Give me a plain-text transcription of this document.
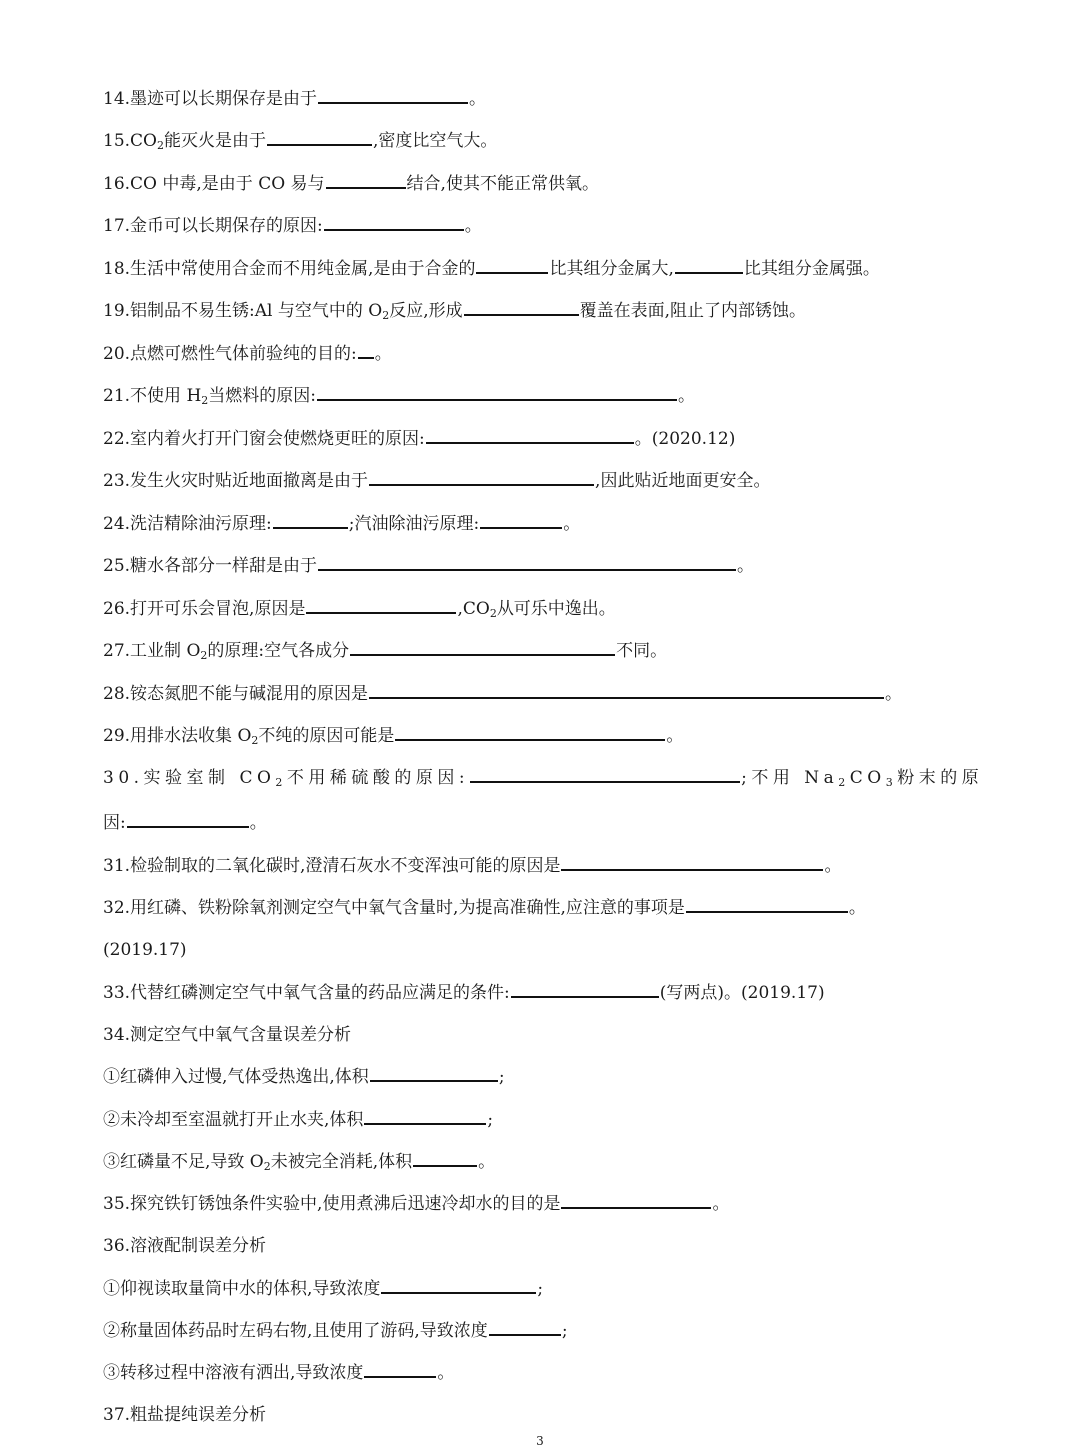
14.墨迹可以长期保存是由于	。
$15.CO_2$能灭火是由于	,密度比空气大。
16.CO 中毒,是由于 CO 易与	结合,使其不能正常供氧。
17.金币可以长期保存的原因:	。
18.生活中常使用合金而不用纯金属,是由于合金的	比其组分金属大,	比其组分金属强。
19.铝制品不易生锈:Al 与空气中的 $O_2$反应,形成	覆盖在表面,阻止了内部锈蚀。
20.点燃可燃性气体前验纯的目的: 。
21.不使用 $H_2$当燃料的原因:	。
22.室内着火打开门窗会使燃烧更旺的原因:	。(2020.12)
23.发生火灾时贴近地面撤离是由于	,因此贴近地面更安全。
24.洗洁精除油污原理:	;汽油除油污原理:	。
25.糖水各部分一样甜是由于	。
26.打开可乐会冒泡,原因是	$,CO_2$从可乐中逸出。
27.工业制 $O_2$的原理:空气各成分	不同。
28.铵态氮肥不能与碱混用的原因是	。
29.用排水法收集 $O_2$不纯的原因可能是	。
30.实验室制 $CO_2$不用稀硫酸的原因:	;不用 $Na_2CO_3$粉末的原
因:	。
31.检验制取的二氧化碳时,澄清石灰水不变浑浊可能的原因是	。
32.用红磷、铁粉除氧剂测定空气中氧气含量时,为提高准确性,应注意的事项是	。
(2019.17)
33.代替红磷测定空气中氧气含量的药品应满足的条件:	(写两点)。(2019.17)
34.测定空气中氧气含量误差分析
①红磷伸入过慢,气体受热逸出,体积	;
②未冷却至室温就打开止水夹,体积	;
③红磷量不足,导致 $O_2$未被完全消耗,体积	。
35.探究铁钉锈蚀条件实验中,使用煮沸后迅速冷却水的目的是	。
36.溶液配制误差分析
①仰视读取量筒中水的体积,导致浓度	;
②称量固体药品时左码右物,且使用了游码,导致浓度	;
③转移过程中溶液有洒出,导致浓度	。
37.粗盐提纯误差分析
3
